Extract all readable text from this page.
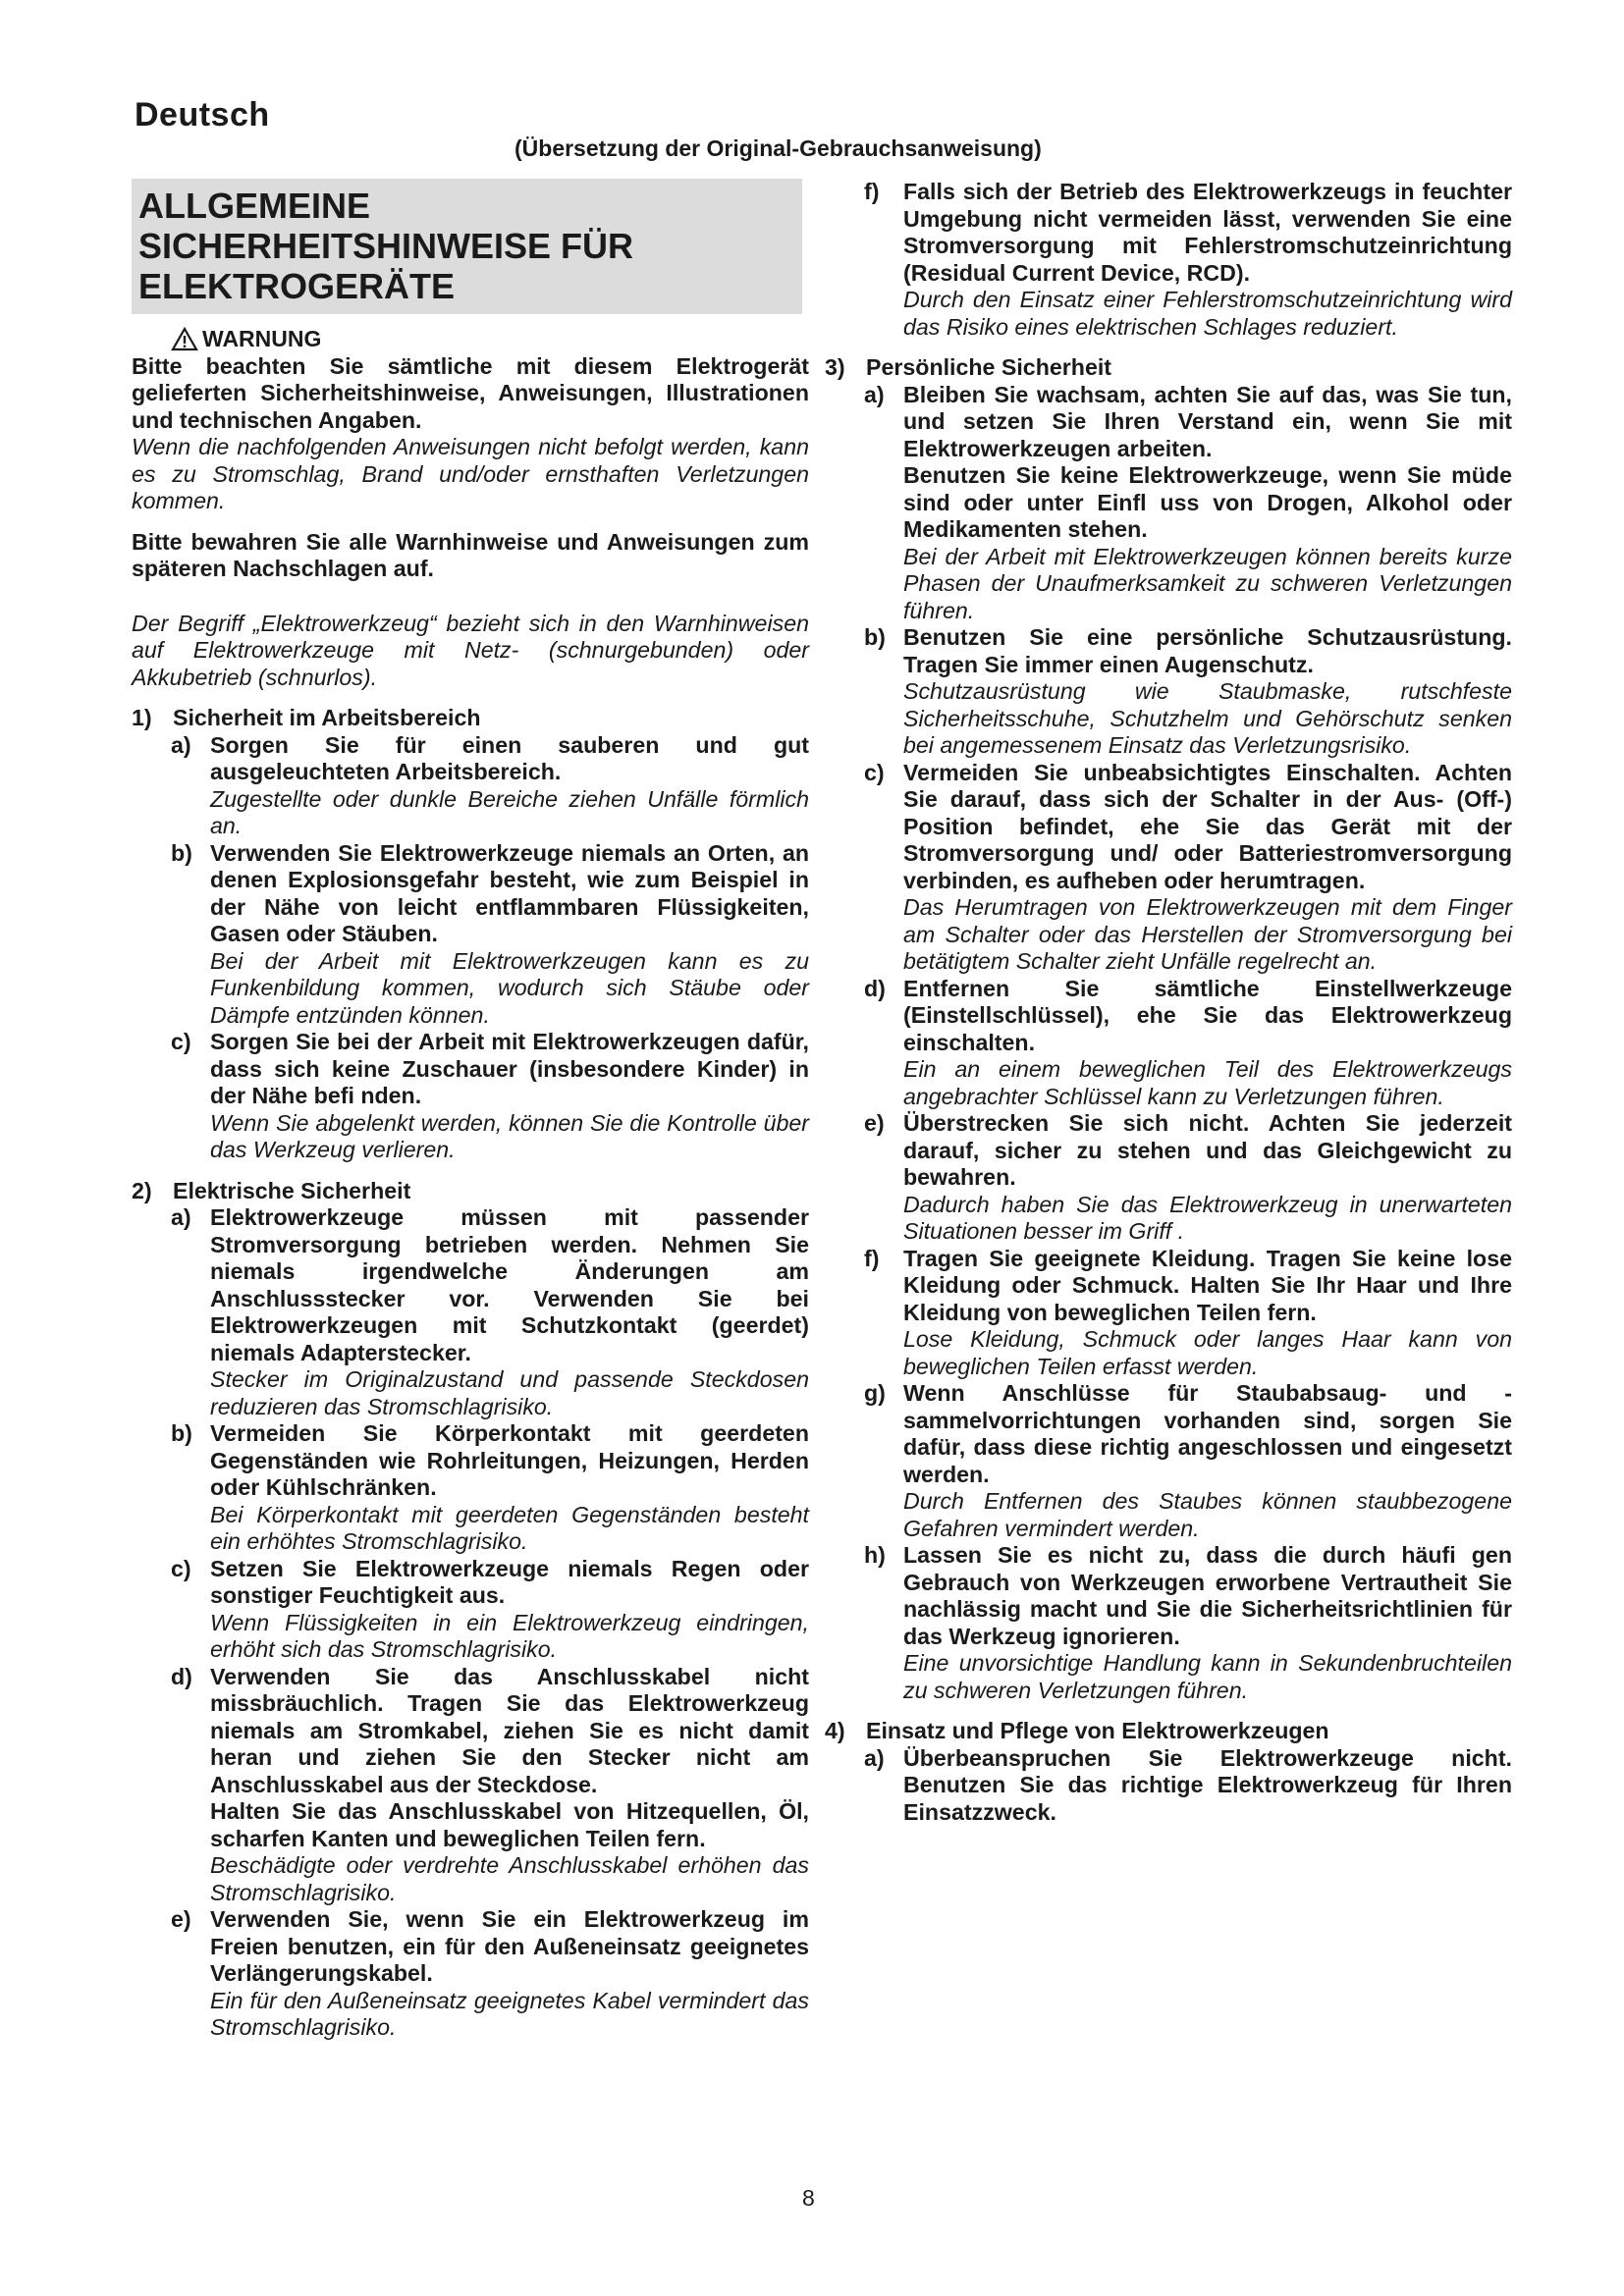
Deutsch
(Übersetzung der Original-Gebrauchsanweisung)
ALLGEMEINE
SICHERHEITSHINWEISE FÜR
ELEKTROGERÄTE
WARNUNG

Bitte beachten Sie sämtliche mit diesem Elektrogerät gelieferten Sicherheitshinweise, Anweisungen, Illustrationen und technischen Angaben.

Wenn die nachfolgenden Anweisungen nicht befolgt werden, kann es zu Stromschlag, Brand und/oder ernsthaften Verletzungen kommen.

Bitte bewahren Sie alle Warnhinweise und Anweisungen zum späteren Nachschlagen auf.

Der Begriff „Elektrowerkzeug“ bezieht sich in den Warnhinweisen auf Elektrowerkzeuge mit Netz- (schnurgebunden) oder Akkubetrieb (schnurlos).

1) Sicherheit im Arbeitsbereich
a) Sorgen Sie für einen sauberen und gut ausgeleuchteten Arbeitsbereich.

Zugestellte oder dunkle Bereiche ziehen Unfälle förmlich an.

b) Verwenden Sie Elektrowerkzeuge niemals an Orten, an denen Explosionsgefahr besteht, wie zum Beispiel in der Nähe von leicht entflammbaren Flüssigkeiten, Gasen oder Stäuben.

Bei der Arbeit mit Elektrowerkzeugen kann es zu Funkenbildung kommen, wodurch sich Stäube oder Dämpfe entzünden können.

c) Sorgen Sie bei der Arbeit mit Elektrowerkzeugen dafür, dass sich keine Zuschauer (insbesondere Kinder) in der Nähe befi nden.

Wenn Sie abgelenkt werden, können Sie die Kontrolle über das Werkzeug verlieren.

2) Elektrische Sicherheit
a) Elektrowerkzeuge müssen mit passender Stromversorgung betrieben werden. Nehmen Sie niemals irgendwelche Änderungen am Anschlussstecker vor. Verwenden Sie bei Elektrowerkzeugen mit Schutzkontakt (geerdet) niemals Adapterstecker.

Stecker im Originalzustand und passende Steckdosen reduzieren das Stromschlagrisiko.

b) Vermeiden Sie Körperkontakt mit geerdeten Gegenständen wie Rohrleitungen, Heizungen, Herden oder Kühlschränken.

Bei Körperkontakt mit geerdeten Gegenständen besteht ein erhöhtes Stromschlagrisiko.

c) Setzen Sie Elektrowerkzeuge niemals Regen oder sonstiger Feuchtigkeit aus.

Wenn Flüssigkeiten in ein Elektrowerkzeug eindringen, erhöht sich das Stromschlagrisiko.

d) Verwenden Sie das Anschlusskabel nicht missbräuchlich. Tragen Sie das Elektrowerkzeug niemals am Stromkabel, ziehen Sie es nicht damit heran und ziehen Sie den Stecker nicht am Anschlusskabel aus der Steckdose.

Halten Sie das Anschlusskabel von Hitzequellen, Öl, scharfen Kanten und beweglichen Teilen fern.

Beschädigte oder verdrehte Anschlusskabel erhöhen das Stromschlagrisiko.

e) Verwenden Sie, wenn Sie ein Elektrowerkzeug im Freien benutzen, ein für den Außeneinsatz geeignetes Verlängerungskabel.

Ein für den Außeneinsatz geeignetes Kabel vermindert das Stromschlagrisiko.

f)	Falls sich der Betrieb des Elektrowerkzeugs in feuchter Umgebung nicht vermeiden lässt, verwenden Sie eine Stromversorgung mit Fehlerstromschutzeinrichtung (Residual Current Device, RCD).

Durch den Einsatz einer Fehlerstromschutzeinrichtung wird das Risiko eines elektrischen Schlages reduziert.

3) Persönliche Sicherheit
a) Bleiben Sie wachsam, achten Sie auf das, was Sie tun, und setzen Sie Ihren Verstand ein, wenn Sie mit Elektrowerkzeugen arbeiten.

Benutzen Sie keine Elektrowerkzeuge, wenn Sie müde sind oder unter Einfl uss von Drogen, Alkohol oder Medikamenten stehen.

Bei der Arbeit mit Elektrowerkzeugen können bereits kurze Phasen der Unaufmerksamkeit zu schweren Verletzungen führen.

b) Benutzen Sie eine persönliche Schutzausrüstung. Tragen Sie immer einen Augenschutz.

Schutzausrüstung wie Staubmaske, rutschfeste Sicherheitsschuhe, Schutzhelm und Gehörschutz senken bei angemessenem Einsatz das Verletzungsrisiko.

c) Vermeiden Sie unbeabsichtigtes Einschalten. Achten Sie darauf, dass sich der Schalter in der Aus- (Off-) Position befindet, ehe Sie das Gerät mit der Stromversorgung und/ oder Batteriestromversorgung verbinden, es aufheben oder herumtragen.

Das Herumtragen von Elektrowerkzeugen mit dem Finger am Schalter oder das Herstellen der Stromversorgung bei betätigtem Schalter zieht Unfälle regelrecht an.

d) Entfernen Sie sämtliche Einstellwerkzeuge (Einstellschlüssel), ehe Sie das Elektrowerkzeug einschalten.

Ein an einem beweglichen Teil des Elektrowerkzeugs angebrachter Schlüssel kann zu Verletzungen führen.

e) Überstrecken Sie sich nicht. Achten Sie jederzeit darauf, sicher zu stehen und das Gleichgewicht zu bewahren.

Dadurch haben Sie das Elektrowerkzeug in unerwarteten Situationen besser im Griff .

f)	Tragen Sie geeignete Kleidung. Tragen Sie keine lose Kleidung oder Schmuck. Halten Sie Ihr Haar und Ihre Kleidung von beweglichen Teilen fern.

Lose Kleidung, Schmuck oder langes Haar kann von beweglichen Teilen erfasst werden.

g) Wenn Anschlüsse für Staubabsaug- und -sammelvorrichtungen vorhanden sind, sorgen Sie dafür, dass diese richtig angeschlossen und eingesetzt werden.

Durch Entfernen des Staubes können staubbezogene Gefahren vermindert werden.

h) Lassen Sie es nicht zu, dass die durch häufi gen Gebrauch von Werkzeugen erworbene Vertrautheit Sie nachlässig macht und Sie die Sicherheitsrichtlinien für das Werkzeug ignorieren.

Eine unvorsichtige Handlung kann in Sekundenbruchteilen zu schweren Verletzungen führen.

4) Einsatz und Pflege von Elektrowerkzeugen
a) Überbeanspruchen Sie Elektrowerkzeuge nicht. Benutzen Sie das richtige Elektrowerkzeug für Ihren Einsatzzweck.

8
